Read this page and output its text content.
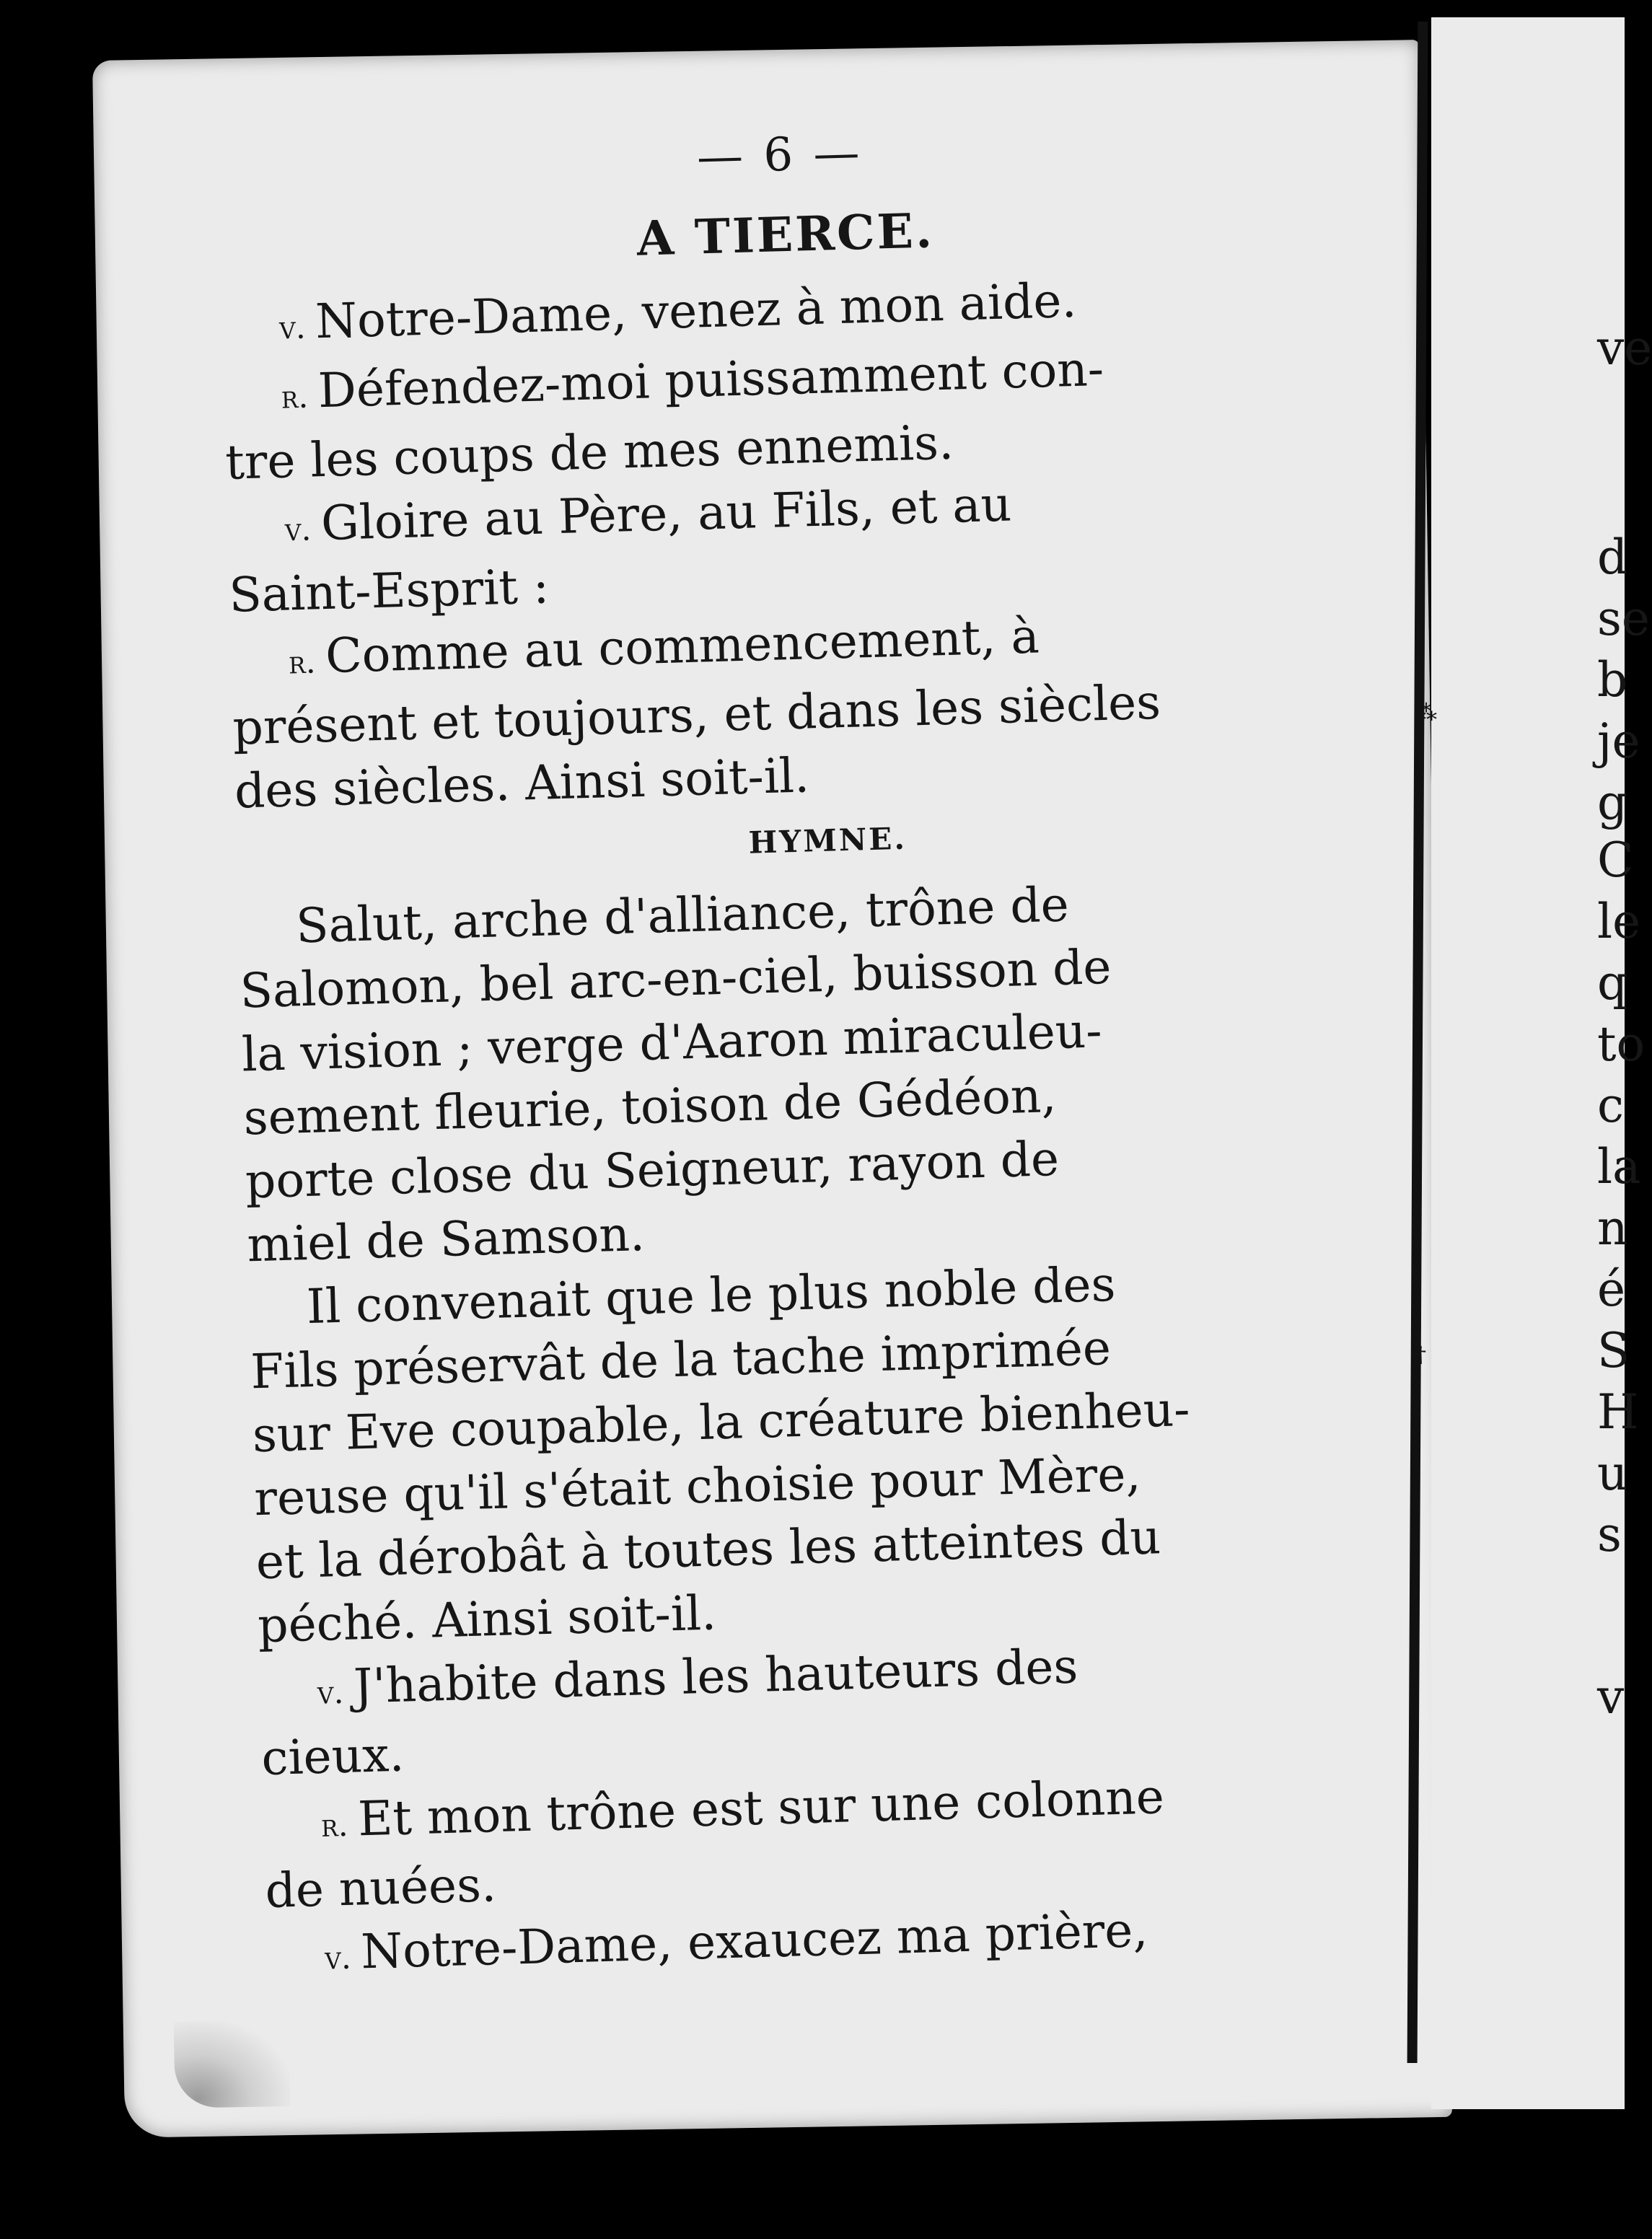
⁂
†
— 6 —
A TIERCE.

v. Notre-Dame, venez à mon aide.

r. Défendez-moi puissamment con-

tre les coups de mes ennemis.

v. Gloire au Père, au Fils, et au

Saint-Esprit :

r. Comme au commencement, à

présent et toujours, et dans les siècles

des siècles. Ainsi soit-il.

HYMNE.

Salut, arche d'alliance, trône de

Salomon, bel arc-en-ciel, buisson de

la vision ; verge d'Aaron miraculeu-

sement fleurie, toison de Gédéon,

porte close du Seigneur, rayon de

miel de Samson.

Il convenait que le plus noble des

Fils préservât de la tache imprimée

sur Eve coupable, la créature bienheu-

reuse qu'il s'était choisie pour Mère,

et la dérobât à toutes les atteintes du

péché. Ainsi soit-il.

v. J'habite dans les hauteurs des

cieux.

r. Et mon trône est sur une colonne

de nuées.

v. Notre-Dame, exaucez ma prière,

ve
d
se
b
je
g
C
le
q
to
c
la
n
é
S
H
u
s
v
